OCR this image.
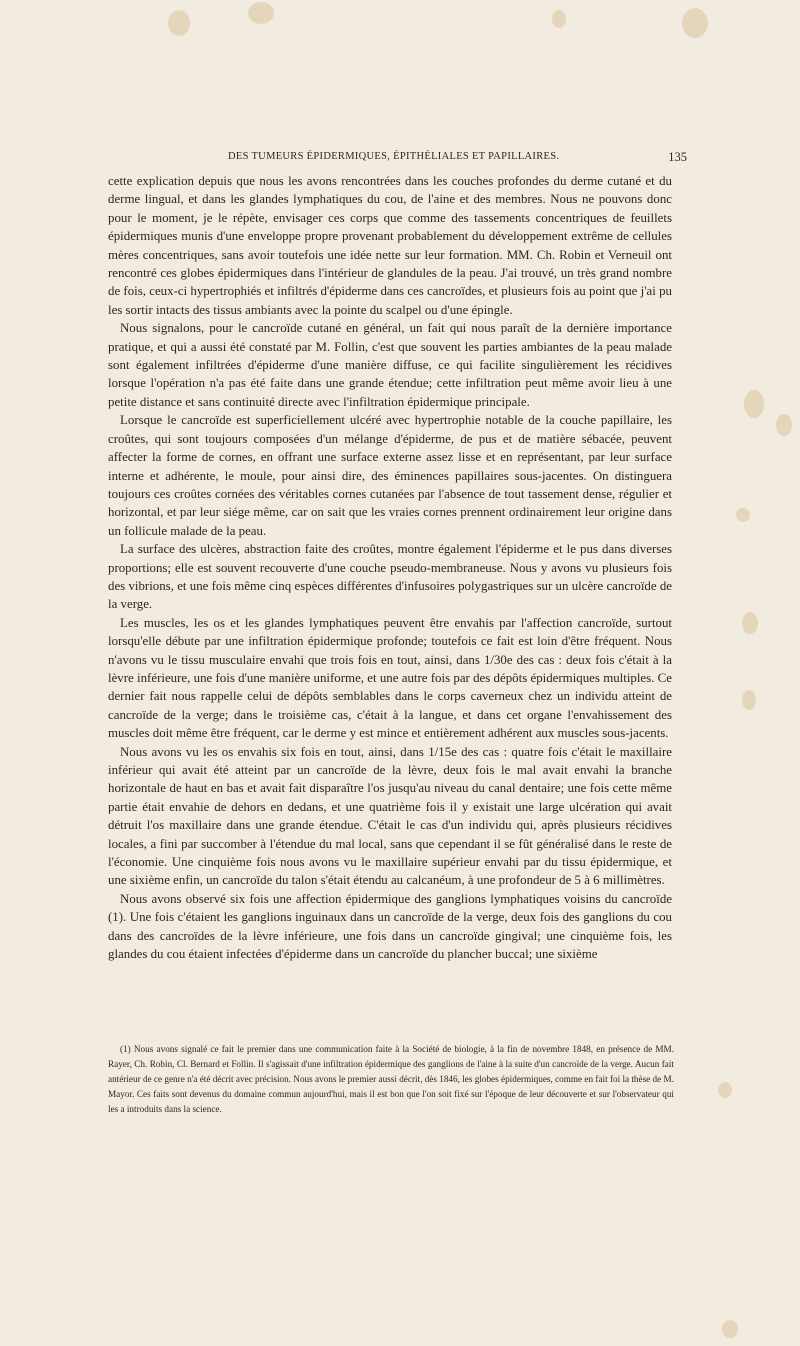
DES TUMEURS ÉPIDERMIQUES, ÉPITHÉLIALES ET PAPILLAIRES.	135

cette explication depuis que nous les avons rencontrées dans les couches profondes du derme cutané et du derme lingual, et dans les glandes lymphatiques du cou, de l'aine et des membres. Nous ne pouvons donc pour le moment, je le répète, envisager ces corps que comme des tassements concentriques de feuillets épidermiques munis d'une enveloppe propre provenant probablement du développement extrême de cellules mères concentriques, sans avoir toutefois une idée nette sur leur formation. MM. Ch. Robin et Verneuil ont rencontré ces globes épidermiques dans l'intérieur de glandules de la peau. J'ai trouvé, un très grand nombre de fois, ceux-ci hypertrophiés et infiltrés d'épiderme dans ces cancroïdes, et plusieurs fois au point que j'ai pu les sortir intacts des tissus ambiants avec la pointe du scalpel ou d'une épingle.

Nous signalons, pour le cancroïde cutané en général, un fait qui nous paraît de la dernière importance pratique, et qui a aussi été constaté par M. Follin, c'est que souvent les parties ambiantes de la peau malade sont également infiltrées d'épiderme d'une manière diffuse, ce qui facilite singulièrement les récidives lorsque l'opération n'a pas été faite dans une grande étendue; cette infiltration peut même avoir lieu à une petite distance et sans continuité directe avec l'infiltration épidermique principale.

Lorsque le cancroïde est superficiellement ulcéré avec hypertrophie notable de la couche papillaire, les croûtes, qui sont toujours composées d'un mélange d'épiderme, de pus et de matière sébacée, peuvent affecter la forme de cornes, en offrant une surface externe assez lisse et en représentant, par leur surface interne et adhérente, le moule, pour ainsi dire, des éminences papillaires sous-jacentes. On distinguera toujours ces croûtes cornées des véritables cornes cutanées par l'absence de tout tassement dense, régulier et horizontal, et par leur siége même, car on sait que les vraies cornes prennent ordinairement leur origine dans un follicule malade de la peau.

La surface des ulcères, abstraction faite des croûtes, montre également l'épiderme et le pus dans diverses proportions; elle est souvent recouverte d'une couche pseudo-membraneuse. Nous y avons vu plusieurs fois des vibrions, et une fois même cinq espèces différentes d'infusoires polygastriques sur un ulcère cancroïde de la verge.

Les muscles, les os et les glandes lymphatiques peuvent être envahis par l'affection cancroïde, surtout lorsqu'elle débute par une infiltration épidermique profonde; toutefois ce fait est loin d'être fréquent. Nous n'avons vu le tissu musculaire envahi que trois fois en tout, ainsi, dans 1/30e des cas : deux fois c'était à la lèvre inférieure, une fois d'une manière uniforme, et une autre fois par des dépôts épidermiques multiples. Ce dernier fait nous rappelle celui de dépôts semblables dans le corps caverneux chez un individu atteint de cancroïde de la verge; dans le troisième cas, c'était à la langue, et dans cet organe l'envahissement des muscles doit même être fréquent, car le derme y est mince et entièrement adhérent aux muscles sous-jacents.

Nous avons vu les os envahis six fois en tout, ainsi, dans 1/15e des cas : quatre fois c'était le maxillaire inférieur qui avait été atteint par un cancroïde de la lèvre, deux fois le mal avait envahi la branche horizontale de haut en bas et avait fait disparaître l'os jusqu'au niveau du canal dentaire; une fois cette même partie était envahie de dehors en dedans, et une quatrième fois il y existait une large ulcération qui avait détruit l'os maxillaire dans une grande étendue. C'était le cas d'un individu qui, après plusieurs récidives locales, a fini par succomber à l'étendue du mal local, sans que cependant il se fût généralisé dans le reste de l'économie. Une cinquième fois nous avons vu le maxillaire supérieur envahi par du tissu épidermique, et une sixième enfin, un cancroïde du talon s'était étendu au calcanéum, à une profondeur de 5 à 6 millimètres.

Nous avons observé six fois une affection épidermique des ganglions lymphatiques voisins du cancroïde (1). Une fois c'étaient les ganglions inguinaux dans un cancroïde de la verge, deux fois des ganglions du cou dans des cancroïdes de la lèvre inférieure, une fois dans un cancroïde gingival; une cinquième fois, les glandes du cou étaient infectées d'épiderme dans un cancroïde du plancher buccal; une sixième

(1) Nous avons signalé ce fait le premier dans une communication faite à la Société de biologie, à la fin de novembre 1848, en présence de MM. Rayer, Ch. Robin, Cl. Bernard et Follin. Il s'agissait d'une infiltration épidermique des ganglions de l'aine à la suite d'un cancroïde de la verge. Aucun fait antérieur de ce genre n'a été décrit avec précision. Nous avons le premier aussi décrit, dès 1846, les globes épidermiques, comme en fait foi la thèse de M. Mayor. Ces faits sont devenus du domaine commun aujourd'hui, mais il est bon que l'on soit fixé sur l'époque de leur découverte et sur l'observateur qui les a introduits dans la science.
